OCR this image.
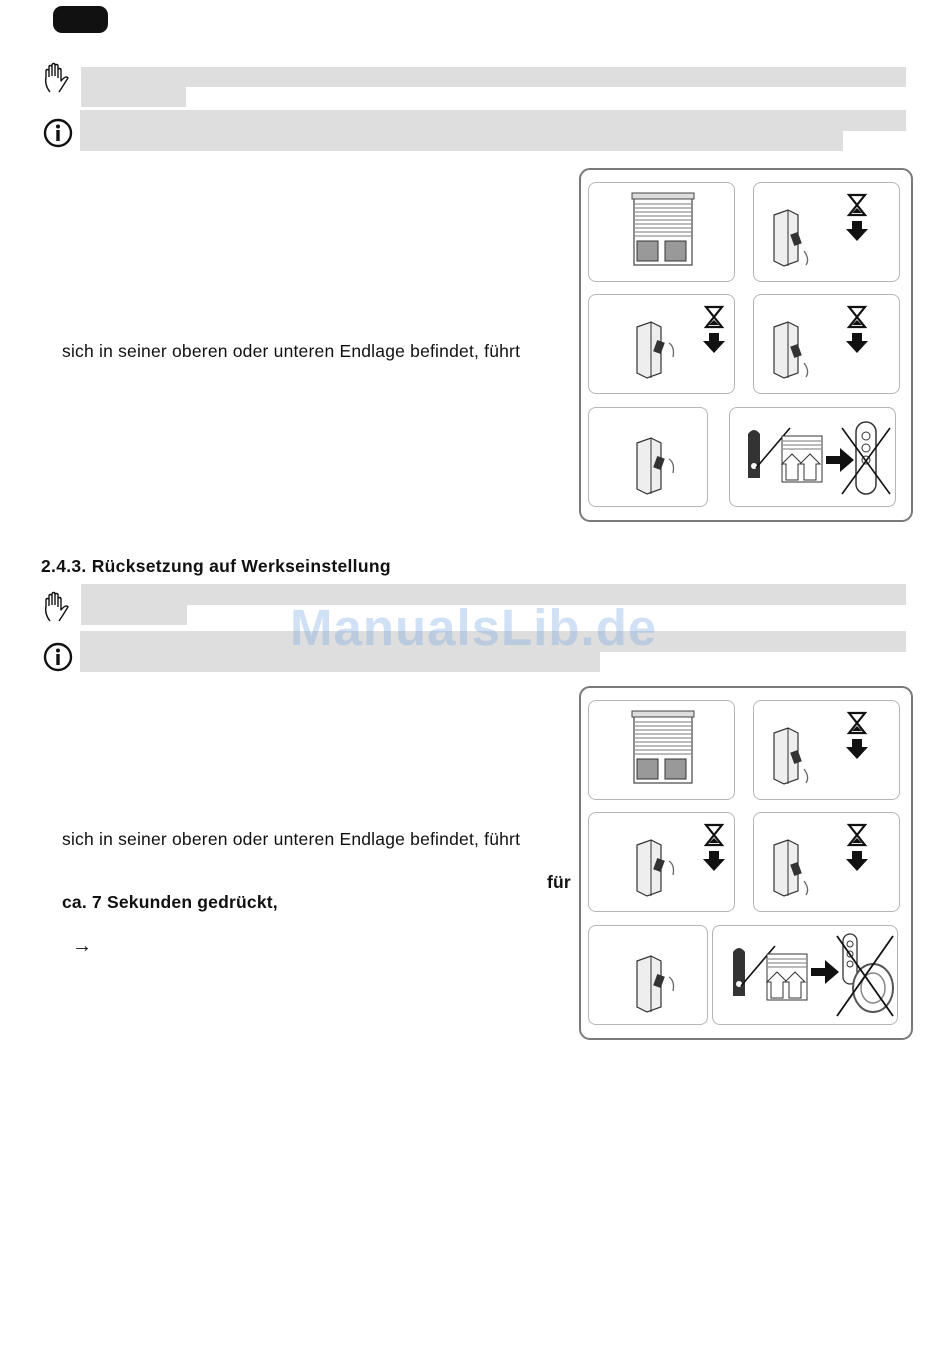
sich in seiner oberen oder unteren Endlage befindet, führt
2.4.3. Rücksetzung auf Werkseinstellung
ManualsLib.de
sich in seiner oberen oder unteren Endlage befindet, führt
für
ca. 7 Sekunden gedrückt,
→
